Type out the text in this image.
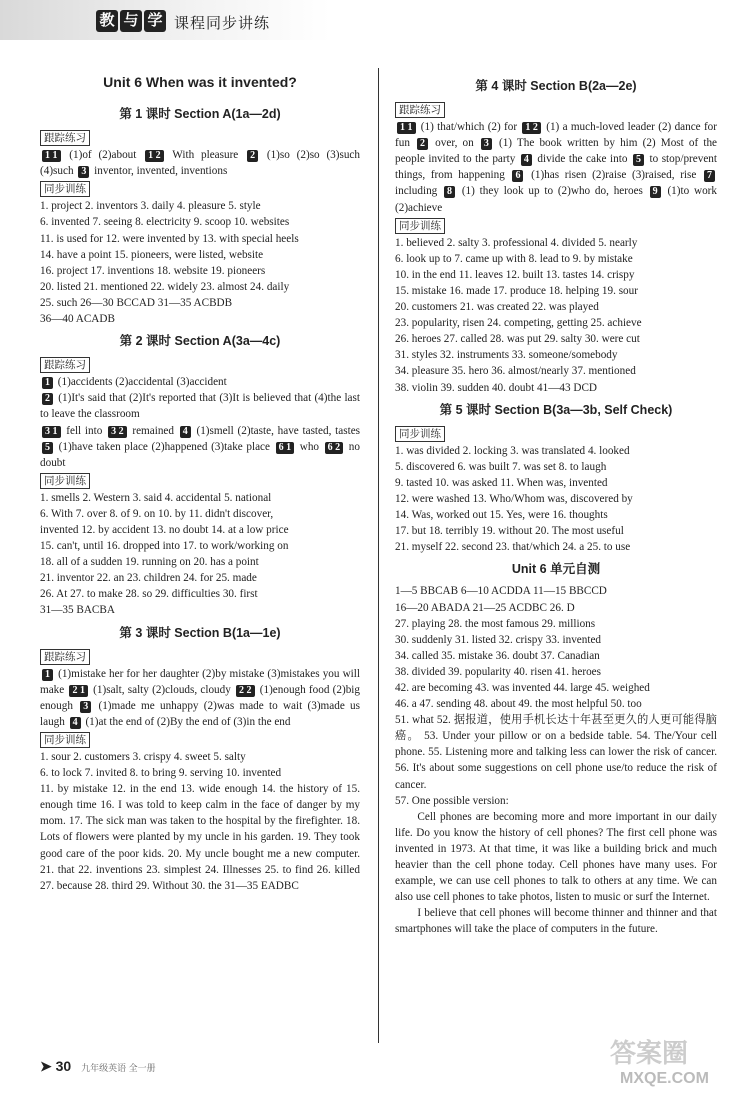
教 与 学 课程同步讲练
Unit 6 When was it invented?
第 1 课时 Section A(1a—2d)
跟踪练习
1 1 (1)of (2)about 1 2 With pleasure 2 (1)so (2)so (3)such (4)such 3 inventor, invented, inventions
同步训练
1. project 2. inventors 3. daily 4. pleasure 5. style
6. invented 7. seeing 8. electricity 9. scoop 10. websites
11. is used for 12. were invented by 13. with special heels
14. have a point 15. pioneers, were listed, website
16. project 17. inventions 18. website 19. pioneers
20. listed 21. mentioned 22. widely 23. almost 24. daily
25. such 26—30 BCCAD 31—35 ACBDB
36—40 ACADB
第 2 课时 Section A(3a—4c)
跟踪练习
1 (1)accidents (2)accidental (3)accident
2 (1)It's said that (2)It's reported that (3)It is believed that (4)the last to leave the classroom
3 1 fell into 3 2 remained 4 (1)smell (2)taste, have tasted, tastes 5 (1)have taken place (2)happened (3)take place 6 1 who 6 2 no doubt
同步训练
1. smells 2. Western 3. said 4. accidental 5. national
6. With 7. over 8. of 9. on 10. by 11. didn't discover,
invented 12. by accident 13. no doubt 14. at a low price
15. can't, until 16. dropped into 17. to work/working on
18. all of a sudden 19. running on 20. has a point
21. inventor 22. an 23. children 24. for 25. made
26. At 27. to make 28. so 29. difficulties 30. first
31—35 BACBA
第 3 课时 Section B(1a—1e)
跟踪练习
1 (1)mistake her for her daughter (2)by mistake (3)mistakes you will make 2 1 (1)salt, salty (2)clouds, cloudy 2 2 (1)enough food (2)big enough 3 (1)made me unhappy (2)was made to wait (3)made us laugh 4 (1)at the end of (2)By the end of (3)in the end
同步训练
1. sour 2. customers 3. crispy 4. sweet 5. salty
6. to lock 7. invited 8. to bring 9. serving 10. invented
11. by mistake 12. in the end 13. wide enough 14. the history of 15. enough time 16. I was told to keep calm in the face of danger by my mom. 17. The sick man was taken to the hospital by the firefighter. 18. Lots of flowers were planted by my uncle in his garden. 19. They took good care of the poor kids. 20. My uncle bought me a new computer. 21. that 22. inventions 23. simplest 24. Illnesses 25. to find 26. killed 27. because 28. third 29. Without 30. the 31—35 EADBC
第 4 课时 Section B(2a—2e)
跟踪练习
1 1 (1) that/which (2) for 1 2 (1) a much-loved leader (2) dance for fun 2 over, on 3 (1) The book written by him (2) Most of the people invited to the party 4 divide the cake into 5 to stop/prevent things, from happening 6 (1)has risen (2)raise (3)raised, rise 7 including 8 (1) they look up to (2)who do, heroes 9 (1)to work (2)achieve
同步训练
1. believed 2. salty 3. professional 4. divided 5. nearly
6. look up to 7. came up with 8. lead to 9. by mistake
10. in the end 11. leaves 12. built 13. tastes 14. crispy
15. mistake 16. made 17. produce 18. helping 19. sour
20. customers 21. was created 22. was played
23. popularity, risen 24. competing, getting 25. achieve
26. heroes 27. called 28. was put 29. salty 30. were cut
31. styles 32. instruments 33. someone/somebody
34. pleasure 35. hero 36. almost/nearly 37. mentioned
38. violin 39. sudden 40. doubt 41—43 DCD
第 5 课时 Section B(3a—3b, Self Check)
同步训练
1. was divided 2. locking 3. was translated 4. looked
5. discovered 6. was built 7. was set 8. to laugh
9. tasted 10. was asked 11. When was, invented
12. were washed 13. Who/Whom was, discovered by
14. Was, worked out 15. Yes, were 16. thoughts
17. but 18. terribly 19. without 20. The most useful
21. myself 22. second 23. that/which 24. a 25. to use
Unit 6 单元自测
1—5 BBCAB 6—10 ACDDA 11—15 BBCCD
16—20 ABADA 21—25 ACDBC 26. D
27. playing 28. the most famous 29. millions
30. suddenly 31. listed 32. crispy 33. invented
34. called 35. mistake 36. doubt 37. Canadian
38. divided 39. popularity 40. risen 41. heroes
42. are becoming 43. was invented 44. large 45. weighed
46. a 47. sending 48. about 49. the most helpful 50. too
51. what 52. 据报道，使用手机长达十年甚至更久的人更可能得脑癌。 53. Under your pillow or on a bedside table. 54. The/Your cell phone. 55. Listening more and talking less can lower the risk of cancer. 56. It's about some suggestions on cell phone use/to reduce the risk of cancer.
57. One possible version:
Cell phones are becoming more and more important in our daily life. Do you know the history of cell phones? The first cell phone was invented in 1973. At that time, it was like a building brick and much heavier than the cell phone today. Cell phones have many uses. For example, we can use cell phones to talk to others at any time. We can also use cell phones to take photos, listen to music or surf the Internet.
I believe that cell phones will become thinner and thinner and that smartphones will take the place of computers in the future.
➤ 30 九年级英语 全一册	答案圈
MXQE.COM
